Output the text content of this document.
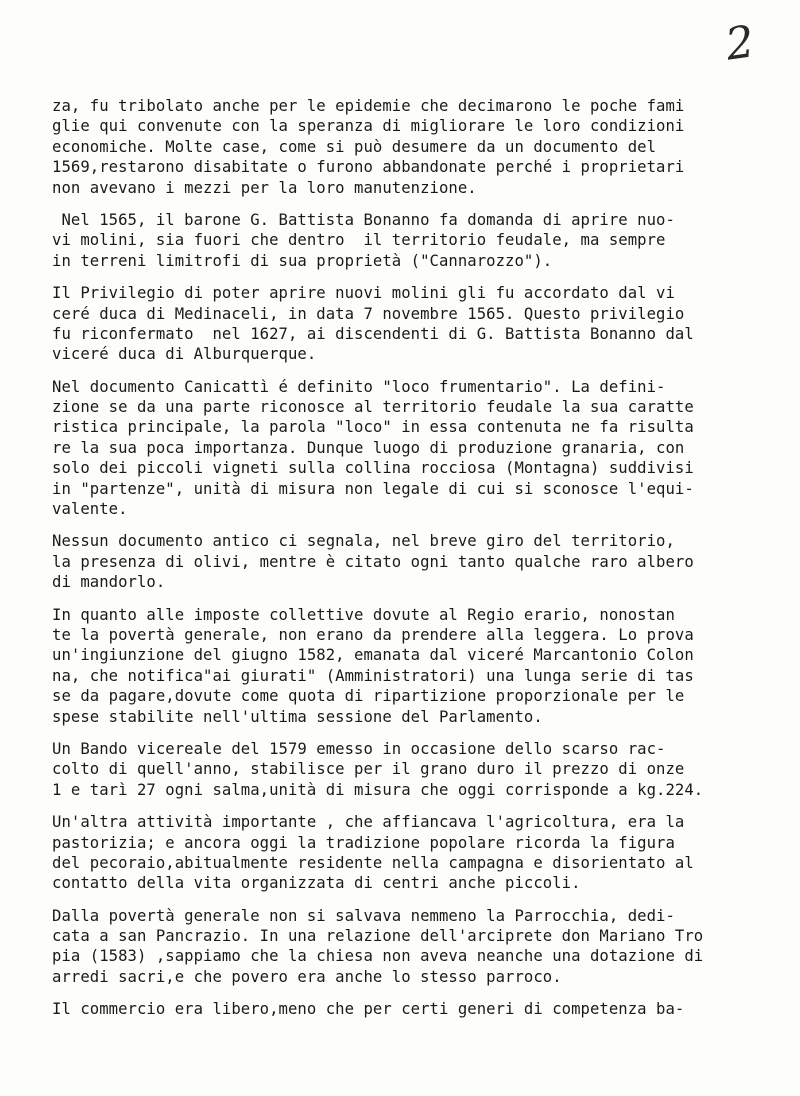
2
za, fu tribolato anche per le epidemie che decimarono le poche fami
glie qui convenute con la speranza di migliorare le loro condizioni
economiche. Molte case, come si può desumere da un documento del
1569,restarono disabitate o furono abbandonate perché i proprietari
non avevano i mezzi per la loro manutenzione.
Nel 1565, il barone G. Battista Bonanno fa domanda di aprire nuo-
vi molini, sia fuori che dentro  il territorio feudale, ma sempre
in terreni limitrofi di sua proprietà ("Cannarozzo").
Il Privilegio di poter aprire nuovi molini gli fu accordato dal vi
ceré duca di Medinaceli, in data 7 novembre 1565. Questo privilegio
fu riconfermato  nel 1627, ai discendenti di G. Battista Bonanno dal
viceré duca di Alburquerque.
Nel documento Canicattì é definito "loco frumentario". La defini-
zione se da una parte riconosce al territorio feudale la sua caratte
ristica principale, la parola "loco" in essa contenuta ne fa risulta
re la sua poca importanza. Dunque luogo di produzione granaria, con
solo dei piccoli vigneti sulla collina rocciosa (Montagna) suddivisi
in "partenze", unità di misura non legale di cui si sconosce l'equi-
valente.
Nessun documento antico ci segnala, nel breve giro del territorio,
la presenza di olivi, mentre è citato ogni tanto qualche raro albero
di mandorlo.
In quanto alle imposte collettive dovute al Regio erario, nonostan
te la povertà generale, non erano da prendere alla leggera. Lo prova
un'ingiunzione del giugno 1582, emanata dal viceré Marcantonio Colon
na, che notifica"ai giurati" (Amministratori) una lunga serie di tas
se da pagare,dovute come quota di ripartizione proporzionale per le
spese stabilite nell'ultima sessione del Parlamento.
Un Bando vicereale del 1579 emesso in occasione dello scarso rac-
colto di quell'anno, stabilisce per il grano duro il prezzo di onze
1 e tarì 27 ogni salma,unità di misura che oggi corrisponde a kg.224.
Un'altra attività importante , che affiancava l'agricoltura, era la
pastorizia; e ancora oggi la tradizione popolare ricorda la figura
del pecoraio,abitualmente residente nella campagna e disorientato al
contatto della vita organizzata di centri anche piccoli.
Dalla povertà generale non si salvava nemmeno la Parrocchia, dedi-
cata a san Pancrazio. In una relazione dell'arciprete don Mariano Tro
pia (1583) ,sappiamo che la chiesa non aveva neanche una dotazione di
arredi sacri,e che povero era anche lo stesso parroco.
Il commercio era libero,meno che per certi generi di competenza ba-
